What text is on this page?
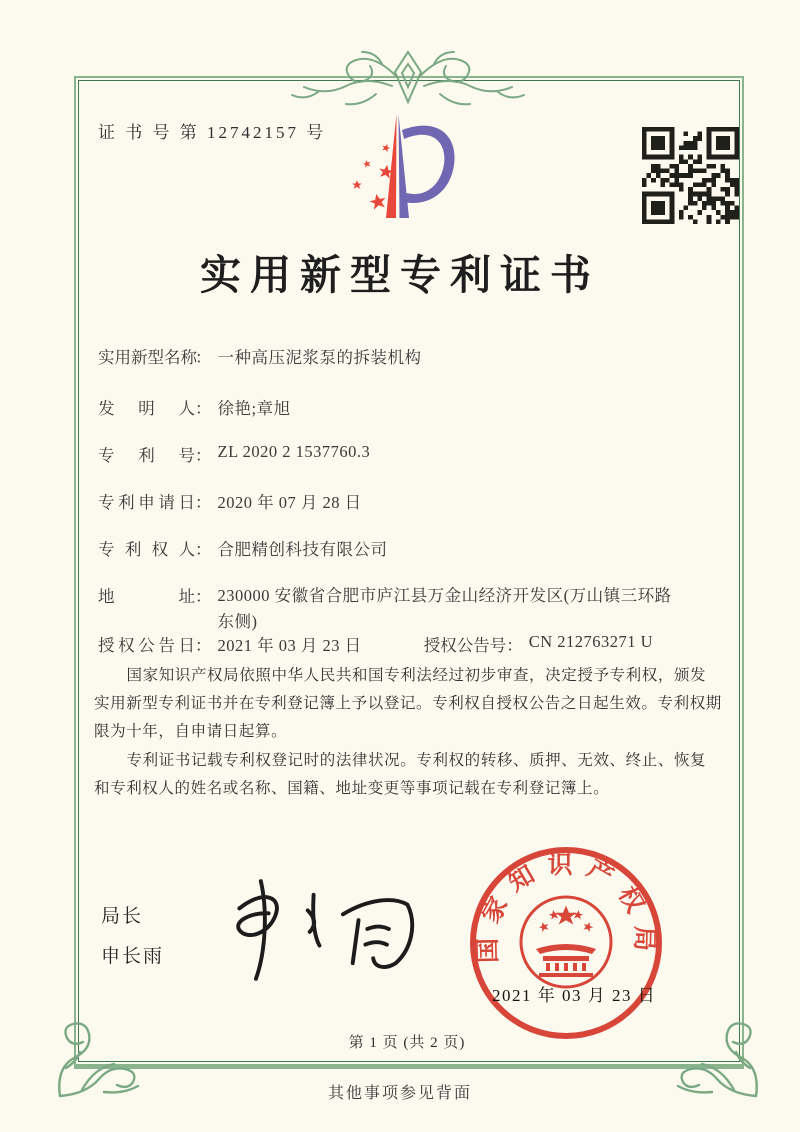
证 书 号 第 12742157 号
实用新型专利证书
实用新型名称： 一种高压泥浆泵的拆装机构
发明人： 徐艳;章旭
专利号： ZL 2020 2 1537760.3
专利申请日： 2020 年 07 月 28 日
专利权人： 合肥精创科技有限公司
地址： 230000 安徽省合肥市庐江县万金山经济开发区(万山镇三环路东侧)
授权公告日： 2021 年 03 月 23 日	授权公告号： CN 212763271 U

国家知识产权局依照中华人民共和国专利法经过初步审查，决定授予专利权，颁发实用新型专利证书并在专利登记簿上予以登记。专利权自授权公告之日起生效。专利权期限为十年，自申请日起算。

专利证书记载专利权登记时的法律状况。专利权的转移、质押、无效、终止、恢复和专利权人的姓名或名称、国籍、地址变更等事项记载在专利登记簿上。

局长
申长雨	国家知识产权局
2021 年 03 月 23 日
第 1 页 (共 2 页)
其他事项参见背面
